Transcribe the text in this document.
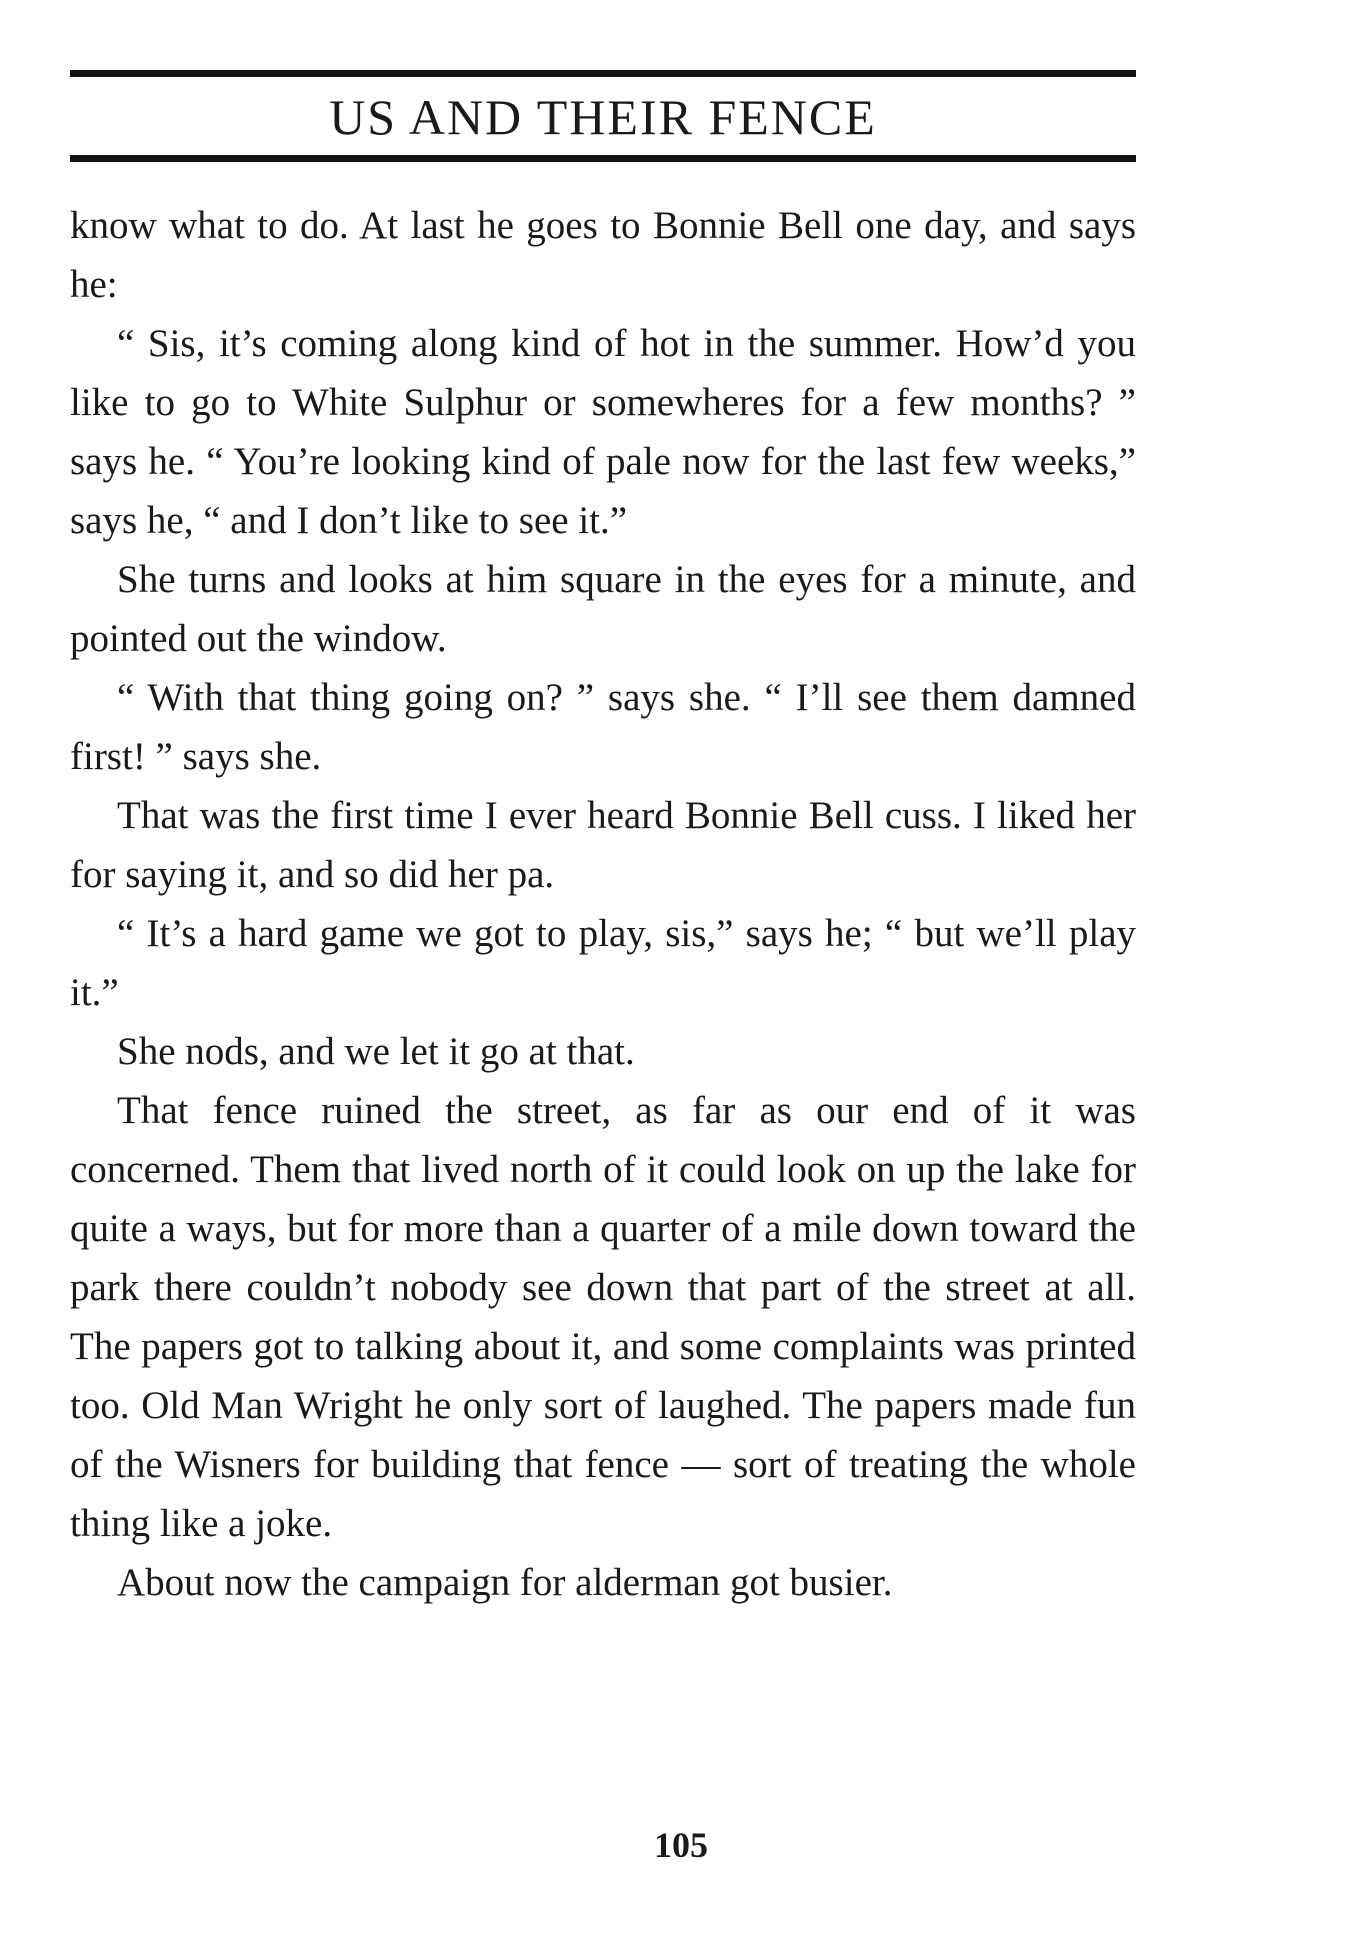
US AND THEIR FENCE

know what to do. At last he goes to Bonnie Bell one day, and says he:

“ Sis, it’s coming along kind of hot in the summer. How’d you like to go to White Sulphur or somewheres for a few months? ” says he. “ You’re looking kind of pale now for the last few weeks,” says he, “ and I don’t like to see it.”

She turns and looks at him square in the eyes for a minute, and pointed out the window.

“ With that thing going on? ” says she. “ I’ll see them damned first! ” says she.

That was the first time I ever heard Bonnie Bell cuss. I liked her for saying it, and so did her pa.

“ It’s a hard game we got to play, sis,” says he; “ but we’ll play it.”

She nods, and we let it go at that.

That fence ruined the street, as far as our end of it was concerned. Them that lived north of it could look on up the lake for quite a ways, but for more than a quarter of a mile down toward the park there couldn’t nobody see down that part of the street at all. The papers got to talking about it, and some complaints was printed too. Old Man Wright he only sort of laughed. The papers made fun of the Wisners for building that fence — sort of treating the whole thing like a joke.

About now the campaign for alderman got busier.

105
